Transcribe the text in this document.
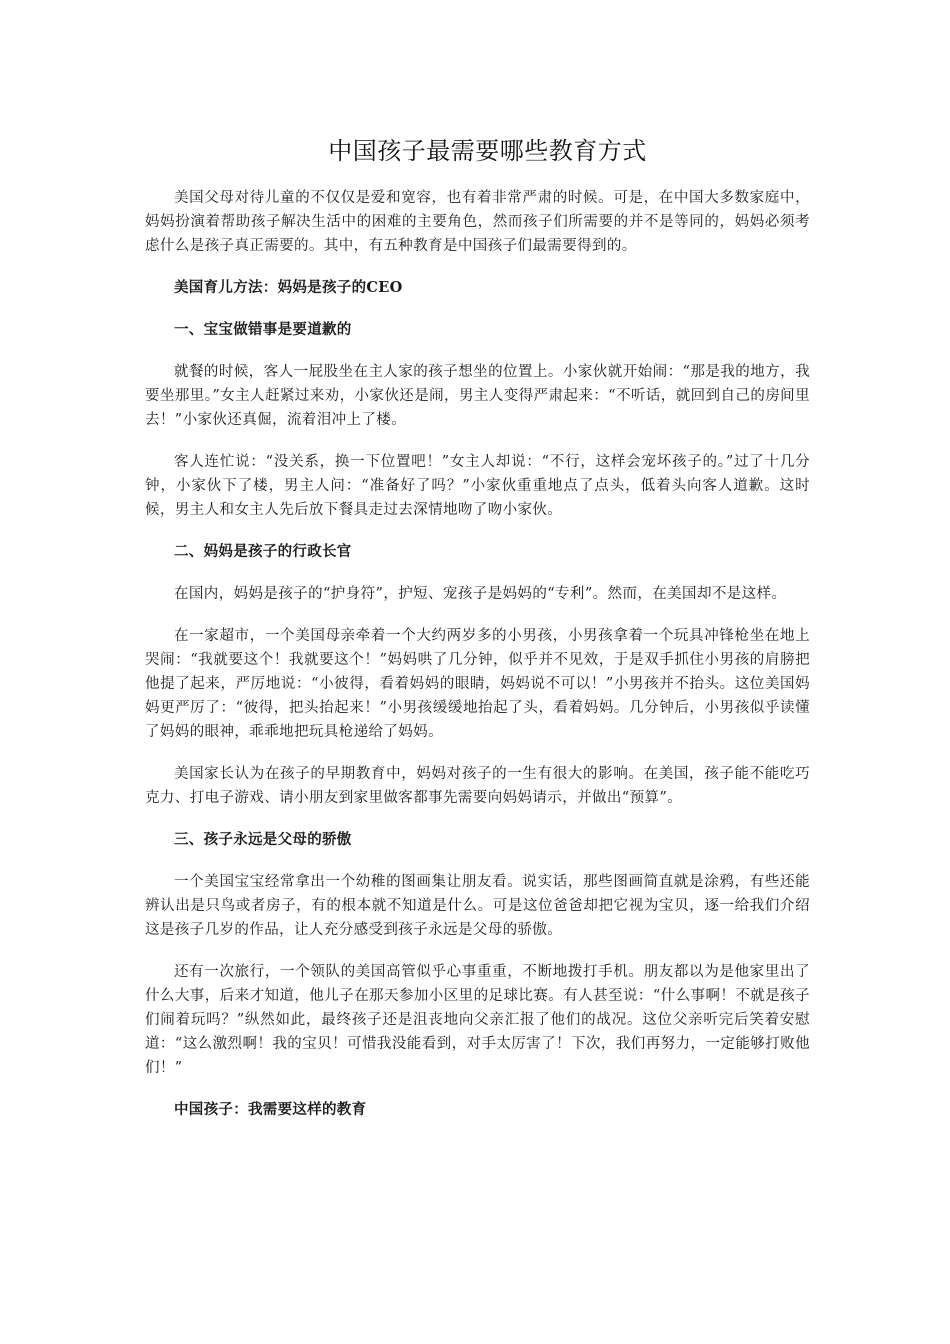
中国孩子最需要哪些教育方式

美国父母对待儿童的不仅仅是爱和宽容，也有着非常严肃的时候。可是，在中国大多数家庭中，妈妈扮演着帮助孩子解决生活中的困难的主要角色，然而孩子们所需要的并不是等同的，妈妈必须考虑什么是孩子真正需要的。其中，有五种教育是中国孩子们最需要得到的。

美国育儿方法：妈妈是孩子的CEO

一、宝宝做错事是要道歉的

就餐的时候，客人一屁股坐在主人家的孩子想坐的位置上。小家伙就开始闹：“那是我的地方，我要坐那里。”女主人赶紧过来劝，小家伙还是闹，男主人变得严肃起来：“不听话，就回到自己的房间里去！”小家伙还真倔，流着泪冲上了楼。

客人连忙说：“没关系，换一下位置吧！”女主人却说：“不行，这样会宠坏孩子的。”过了十几分钟，小家伙下了楼，男主人问：“准备好了吗？”小家伙重重地点了点头，低着头向客人道歉。这时候，男主人和女主人先后放下餐具走过去深情地吻了吻小家伙。

二、妈妈是孩子的行政长官

在国内，妈妈是孩子的“护身符”，护短、宠孩子是妈妈的“专利”。然而，在美国却不是这样。

在一家超市，一个美国母亲牵着一个大约两岁多的小男孩，小男孩拿着一个玩具冲锋枪坐在地上哭闹：“我就要这个！我就要这个！”妈妈哄了几分钟，似乎并不见效，于是双手抓住小男孩的肩膀把他提了起来，严厉地说：“小彼得，看着妈妈的眼睛，妈妈说不可以！”小男孩并不抬头。这位美国妈妈更严厉了：“彼得，把头抬起来！”小男孩缓缓地抬起了头，看着妈妈。几分钟后，小男孩似乎读懂了妈妈的眼神，乖乖地把玩具枪递给了妈妈。

美国家长认为在孩子的早期教育中，妈妈对孩子的一生有很大的影响。在美国，孩子能不能吃巧克力、打电子游戏、请小朋友到家里做客都事先需要向妈妈请示，并做出“预算”。

三、孩子永远是父母的骄傲

一个美国宝宝经常拿出一个幼稚的图画集让朋友看。说实话，那些图画简直就是涂鸦，有些还能辨认出是只鸟或者房子，有的根本就不知道是什么。可是这位爸爸却把它视为宝贝，逐一给我们介绍这是孩子几岁的作品，让人充分感受到孩子永远是父母的骄傲。

还有一次旅行，一个领队的美国高管似乎心事重重，不断地拨打手机。朋友都以为是他家里出了什么大事，后来才知道，他儿子在那天参加小区里的足球比赛。有人甚至说：“什么事啊！不就是孩子们闹着玩吗？”纵然如此，最终孩子还是沮丧地向父亲汇报了他们的战况。这位父亲听完后笑着安慰道：“这么激烈啊！我的宝贝！可惜我没能看到，对手太厉害了！下次，我们再努力，一定能够打败他们！”

中国孩子：我需要这样的教育
